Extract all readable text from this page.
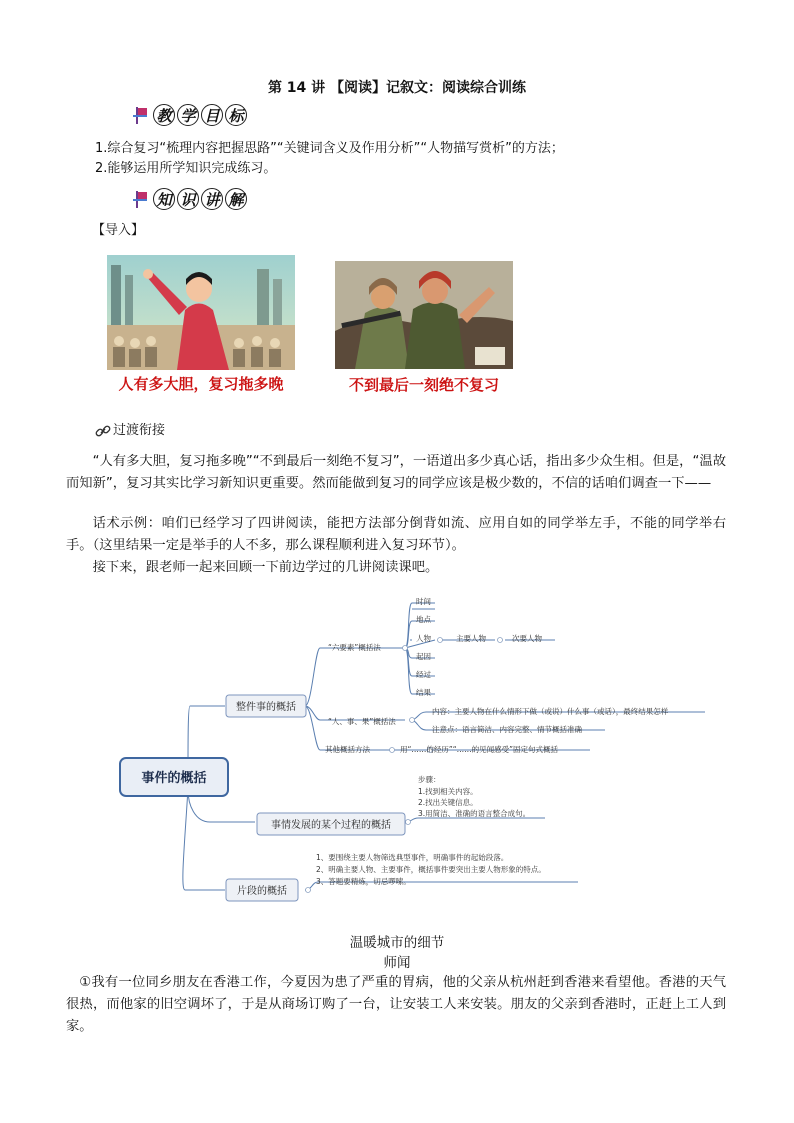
第 14 讲 【阅读】记叙文：阅读综合训练
教 学 目 标
1.综合复习“梳理内容把握思路”“关键词含义及作用分析”“人物描写赏析”的方法；
2.能够运用所学知识完成练习。
知 识 讲 解
【导入】
人有多大胆，复习拖多晚	不到最后一刻绝不复习
过渡衔接
“人有多大胆，复习拖多晚”“不到最后一刻绝不复习”，一语道出多少真心话，指出多少众生相。但是，“温故而知新”，复习其实比学习新知识更重要。然而能做到复习的同学应该是极少数的，不信的话咱们调查一下——
话术示例：咱们已经学习了四讲阅读，能把方法部分倒背如流、应用自如的同学举左手，不能的同学举右手。（这里结果一定是举手的人不多，那么课程顺利进入复习环节）。
接下来，跟老师一起来回顾一下前边学过的几讲阅读课吧。
事件的概括
整件事的概括
事情发展的某个过程的概括
片段的概括
“六要素”概括法
“人、事、果”概括法
其他概括方法
时间
地点
人物
起因
经过
结果
主要人物	次要人物
内容：主要人物在什么情形下做（或说）什么事（或话），最终结果怎样
注意点：语言简洁、内容完整、情节概括准确
用“……的经历”“……的见闻感受”固定句式概括
步骤：
1.找到相关内容。
2.找出关键信息。
3.用简洁、准确的语言整合成句。
1、要围绕主要人物筛选典型事件，明确事件的起始段落。
2、明确主要人物、主要事件，概括事件要突出主要人物形象的特点。
3、答题要精炼，切忌啰嗦。
温暖城市的细节
师闻
①我有一位同乡朋友在香港工作，今夏因为患了严重的胃病，他的父亲从杭州赶到香港来看望他。香港的天气很热，而他家的旧空调坏了，于是从商场订购了一台，让安装工人来安装。朋友的父亲到香港时，正赶上工人到家。
